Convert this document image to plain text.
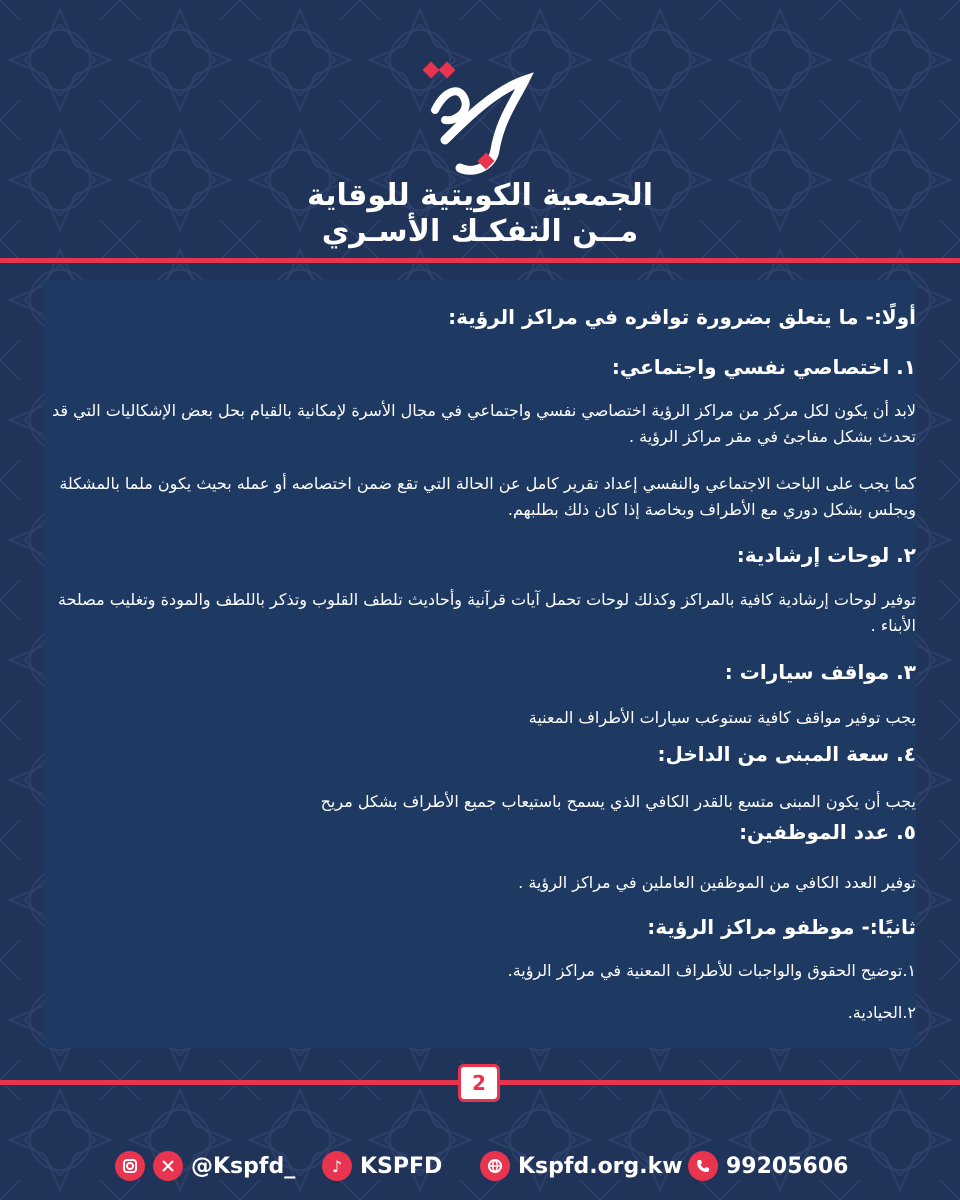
الجمعية الكويتية للوقاية
مــن التفكـك الأسـري
أولًا:- ما يتعلق بضرورة توافره في مراكز الرؤية:
١. اختصاصي نفسي واجتماعي:
لابد أن يكون لكل مركز من مراكز الرؤية اختصاصي نفسي واجتماعي في مجال الأسرة لإمكانية بالقيام بحل بعض الإشكاليات التي قد تحدث بشكل مفاجئ في مقر مراكز الرؤية .
كما يجب على الباحث الاجتماعي والنفسي إعداد تقرير كامل عن الحالة التي تقع ضمن اختصاصه أو عمله بحيث يكون ملما بالمشكلة ويجلس بشكل دوري مع الأطراف وبخاصة إذا كان ذلك بطلبهم.
٢. لوحات إرشادية:
توفير لوحات إرشادية كافية بالمراكز وكذلك لوحات تحمل آيات قرآنية وأحاديث تلطف القلوب وتذكر باللطف والمودة وتغليب مصلحة الأبناء .
٣. مواقف سيارات :
يجب توفير مواقف كافية تستوعب سيارات الأطراف المعنية
٤. سعة المبنى من الداخل:
يجب أن يكون المبنى متسع بالقدر الكافي الذي يسمح باستيعاب جميع الأطراف بشكل مريح
٥. عدد الموظفين:
توفير العدد الكافي من الموظفين العاملين في مراكز الرؤية .
ثانيًا:- موظفو مراكز الرؤية:
١.توضيح الحقوق والواجبات للأطراف المعنية في مراكز الرؤية.
٢.الحيادية.
2
@Kspfd_	♪ KSPFD	Kspfd.org.kw 99205606
